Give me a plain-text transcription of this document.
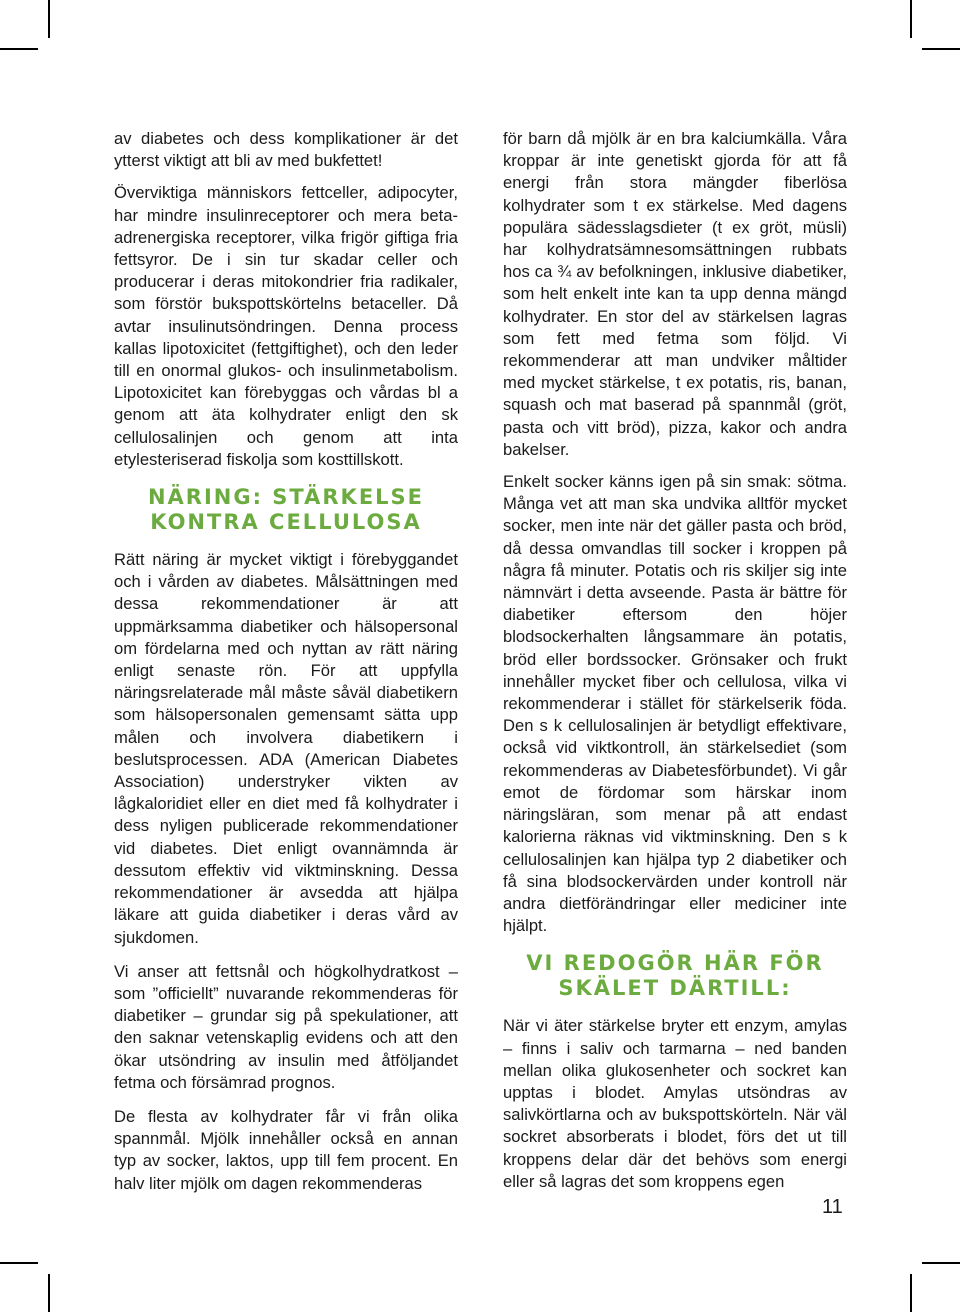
av diabetes och dess komplikationer är det ytterst viktigt att bli av med bukfettet!

Överviktiga människors fettceller, adipocyter, har mindre insulinreceptorer och mera beta-adrenergiska receptorer, vilka frigör giftiga fria fettsyror. De i sin tur skadar celler och producerar i deras mitokondrier fria radikaler, som förstör bukspottskörtelns betaceller. Då avtar insulinutsöndringen. Denna process kallas lipotoxicitet (fettgiftighet), och den leder till en onormal glukos- och insulinmetabolism. Lipotoxicitet kan förebyggas och vårdas bl a genom att äta kolhydrater enligt den sk cellulosalinjen och genom att inta etylesteriserad fiskolja som kosttillskott.

NÄRING: STÄRKELSE KONTRA CELLULOSA

Rätt näring är mycket viktigt i förebyggandet och i vården av diabetes. Målsättningen med dessa rekommendationer är att uppmärksamma diabetiker och hälsopersonal om fördelarna med och nyttan av rätt näring enligt senaste rön. För att uppfylla näringsrelaterade mål måste såväl diabetikern som hälsopersonalen gemensamt sätta upp målen och involvera diabetikern i beslutsprocessen. ADA (American Diabetes Association) understryker vikten av lågkaloridiet eller en diet med få kolhydrater i dess nyligen publicerade rekommendationer vid diabetes. Diet enligt ovannämnda är dessutom effektiv vid viktminskning. Dessa rekommendationer är avsedda att hjälpa läkare att guida diabetiker i deras vård av sjukdomen.

Vi anser att fettsnål och högkolhydratkost – som ”officiellt” nuvarande rekommenderas för diabetiker – grundar sig på spekulationer, att den saknar vetenskaplig evidens och att den ökar utsöndring av insulin med åtföljandet fetma och försämrad prognos.

De flesta av kolhydrater får vi från olika spannmål. Mjölk innehåller också en annan typ av socker, laktos, upp till fem procent. En halv liter mjölk om dagen rekommenderas

för barn då mjölk är en bra kalciumkälla. Våra kroppar är inte genetiskt gjorda för att få energi från stora mängder fiberlösa kolhydrater som t ex stärkelse. Med dagens populära sädesslagsdieter (t ex gröt, müsli) har kolhydratsämnesomsättningen rubbats hos ca ¾ av befolkningen, inklusive diabetiker, som helt enkelt inte kan ta upp denna mängd kolhydrater. En stor del av stärkelsen lagras som fett med fetma som följd. Vi rekommenderar att man undviker måltider med mycket stärkelse, t ex potatis, ris, banan, squash och mat baserad på spannmål (gröt, pasta och vitt bröd), pizza, kakor och andra bakelser.

Enkelt socker känns igen på sin smak: sötma. Många vet att man ska undvika alltför mycket socker, men inte när det gäller pasta och bröd, då dessa omvandlas till socker i kroppen på några få minuter. Potatis och ris skiljer sig inte nämnvärt i detta avseende. Pasta är bättre för diabetiker eftersom den höjer blodsockerhalten långsammare än potatis, bröd eller bordssocker. Grönsaker och frukt innehåller mycket fiber och cellulosa, vilka vi rekommenderar i stället för stärkelserik föda. Den s k cellulosalinjen är betydligt effektivare, också vid viktkontroll, än stärkelsediet (som rekommenderas av Diabetesförbundet). Vi går emot de fördomar som härskar inom näringsläran, som menar på att endast kalorierna räknas vid viktminskning. Den s k cellulosalinjen kan hjälpa typ 2 diabetiker och få sina blodsockervärden under kontroll när andra dietförändringar eller mediciner inte hjälpt.

VI REDOGÖR HÄR FÖR SKÄLET DÄRTILL:

När vi äter stärkelse bryter ett enzym, amylas – finns i saliv och tarmarna – ned banden mellan olika glukosenheter och sockret kan upptas i blodet. Amylas utsöndras av salivkörtlarna och av bukspottskörteln. När väl sockret absorberats i blodet, förs det ut till kroppens delar där det behövs som energi eller så lagras det som kroppens egen

11
